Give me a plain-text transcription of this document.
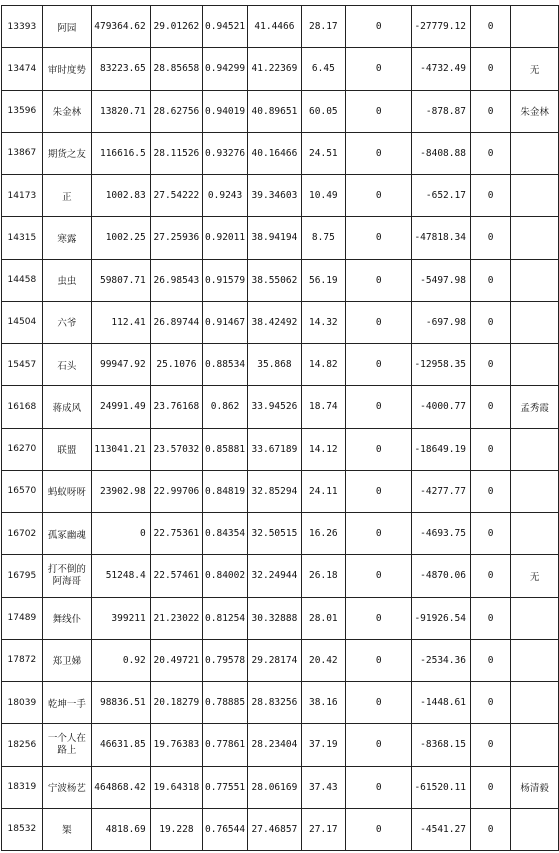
13393	阿园	479364.62	29.01262	0.94521	41.4466	28.17	0	-27779.12	0	
13474	审时度势	83223.65	28.85658	0.94299	41.22369	6.45	0	-4732.49	0	无
13596	朱金林	13820.71	28.62756	0.94019	40.89651	60.05	0	-878.87	0	朱金林
13867	期货之友	116616.5	28.11526	0.93276	40.16466	24.51	0	-8408.88	0	
14173	正	1002.83	27.54222	0.9243	39.34603	10.49	0	-652.17	0	
14315	寒露	1002.25	27.25936	0.92011	38.94194	8.75	0	-47818.34	0	
14458	虫虫	59807.71	26.98543	0.91579	38.55062	56.19	0	-5497.98	0	
14504	六爷	112.41	26.89744	0.91467	38.42492	14.32	0	-697.98	0	
15457	石头	99947.92	25.1076	0.88534	35.868	14.82	0	-12958.35	0	
16168	蒋成风	24991.49	23.76168	0.862	33.94526	18.74	0	-4000.77	0	孟秀霞
16270	联盟	113041.21	23.57032	0.85881	33.67189	14.12	0	-18649.19	0	
16570	蚂蚁呀呀	23902.98	22.99706	0.84819	32.85294	24.11	0	-4277.77	0	
16702	孤冢幽魂	0	22.75361	0.84354	32.50515	16.26	0	-4693.75	0	
16795	打不倒的阿海哥	51248.4	22.57461	0.84002	32.24944	26.18	0	-4870.06	0	无
17489	舞线仆	399211	21.23022	0.81254	30.32888	28.01	0	-91926.54	0	
17872	郑卫娣	0.92	20.49721	0.79578	29.28174	20.42	0	-2534.36	0	
18039	乾坤一手	98836.51	20.18279	0.78885	28.83256	38.16	0	-1448.61	0	
18256	一个人在路上	46631.85	19.76383	0.77861	28.23404	37.19	0	-8368.15	0	
18319	宁波杨艺	464868.42	19.64318	0.77551	28.06169	37.43	0	-61520.11	0	杨清毅
18532	榘	4818.69	19.228	0.76544	27.46857	27.17	0	-4541.27	0	
